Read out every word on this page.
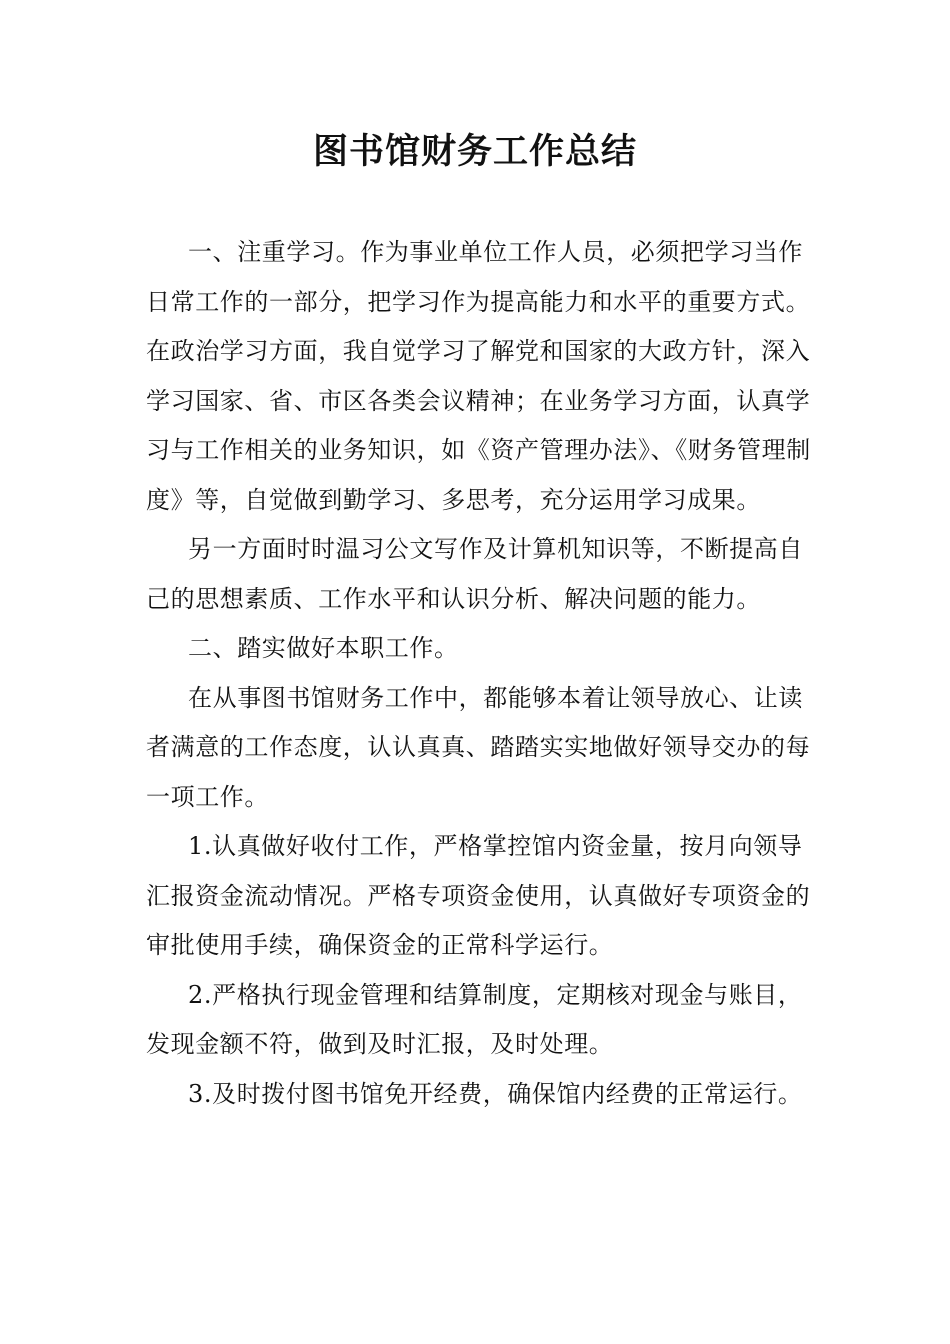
图书馆财务工作总结

一、注重学习。作为事业单位工作人员，必须把学习当作日常工作的一部分，把学习作为提高能力和水平的重要方式。在政治学习方面，我自觉学习了解党和国家的大政方针，深入学习国家、省、市区各类会议精神；在业务学习方面，认真学习与工作相关的业务知识，如《资产管理办法》、《财务管理制度》等，自觉做到勤学习、多思考，充分运用学习成果。

另一方面时时温习公文写作及计算机知识等，不断提高自己的思想素质、工作水平和认识分析、解决问题的能力。

二、踏实做好本职工作。

在从事图书馆财务工作中，都能够本着让领导放心、让读者满意的工作态度，认认真真、踏踏实实地做好领导交办的每一项工作。

1.认真做好收付工作，严格掌控馆内资金量，按月向领导汇报资金流动情况。严格专项资金使用，认真做好专项资金的审批使用手续，确保资金的正常科学运行。

2.严格执行现金管理和结算制度，定期核对现金与账目，发现金额不符，做到及时汇报，及时处理。

3.及时拨付图书馆免开经费，确保馆内经费的正常运行。
